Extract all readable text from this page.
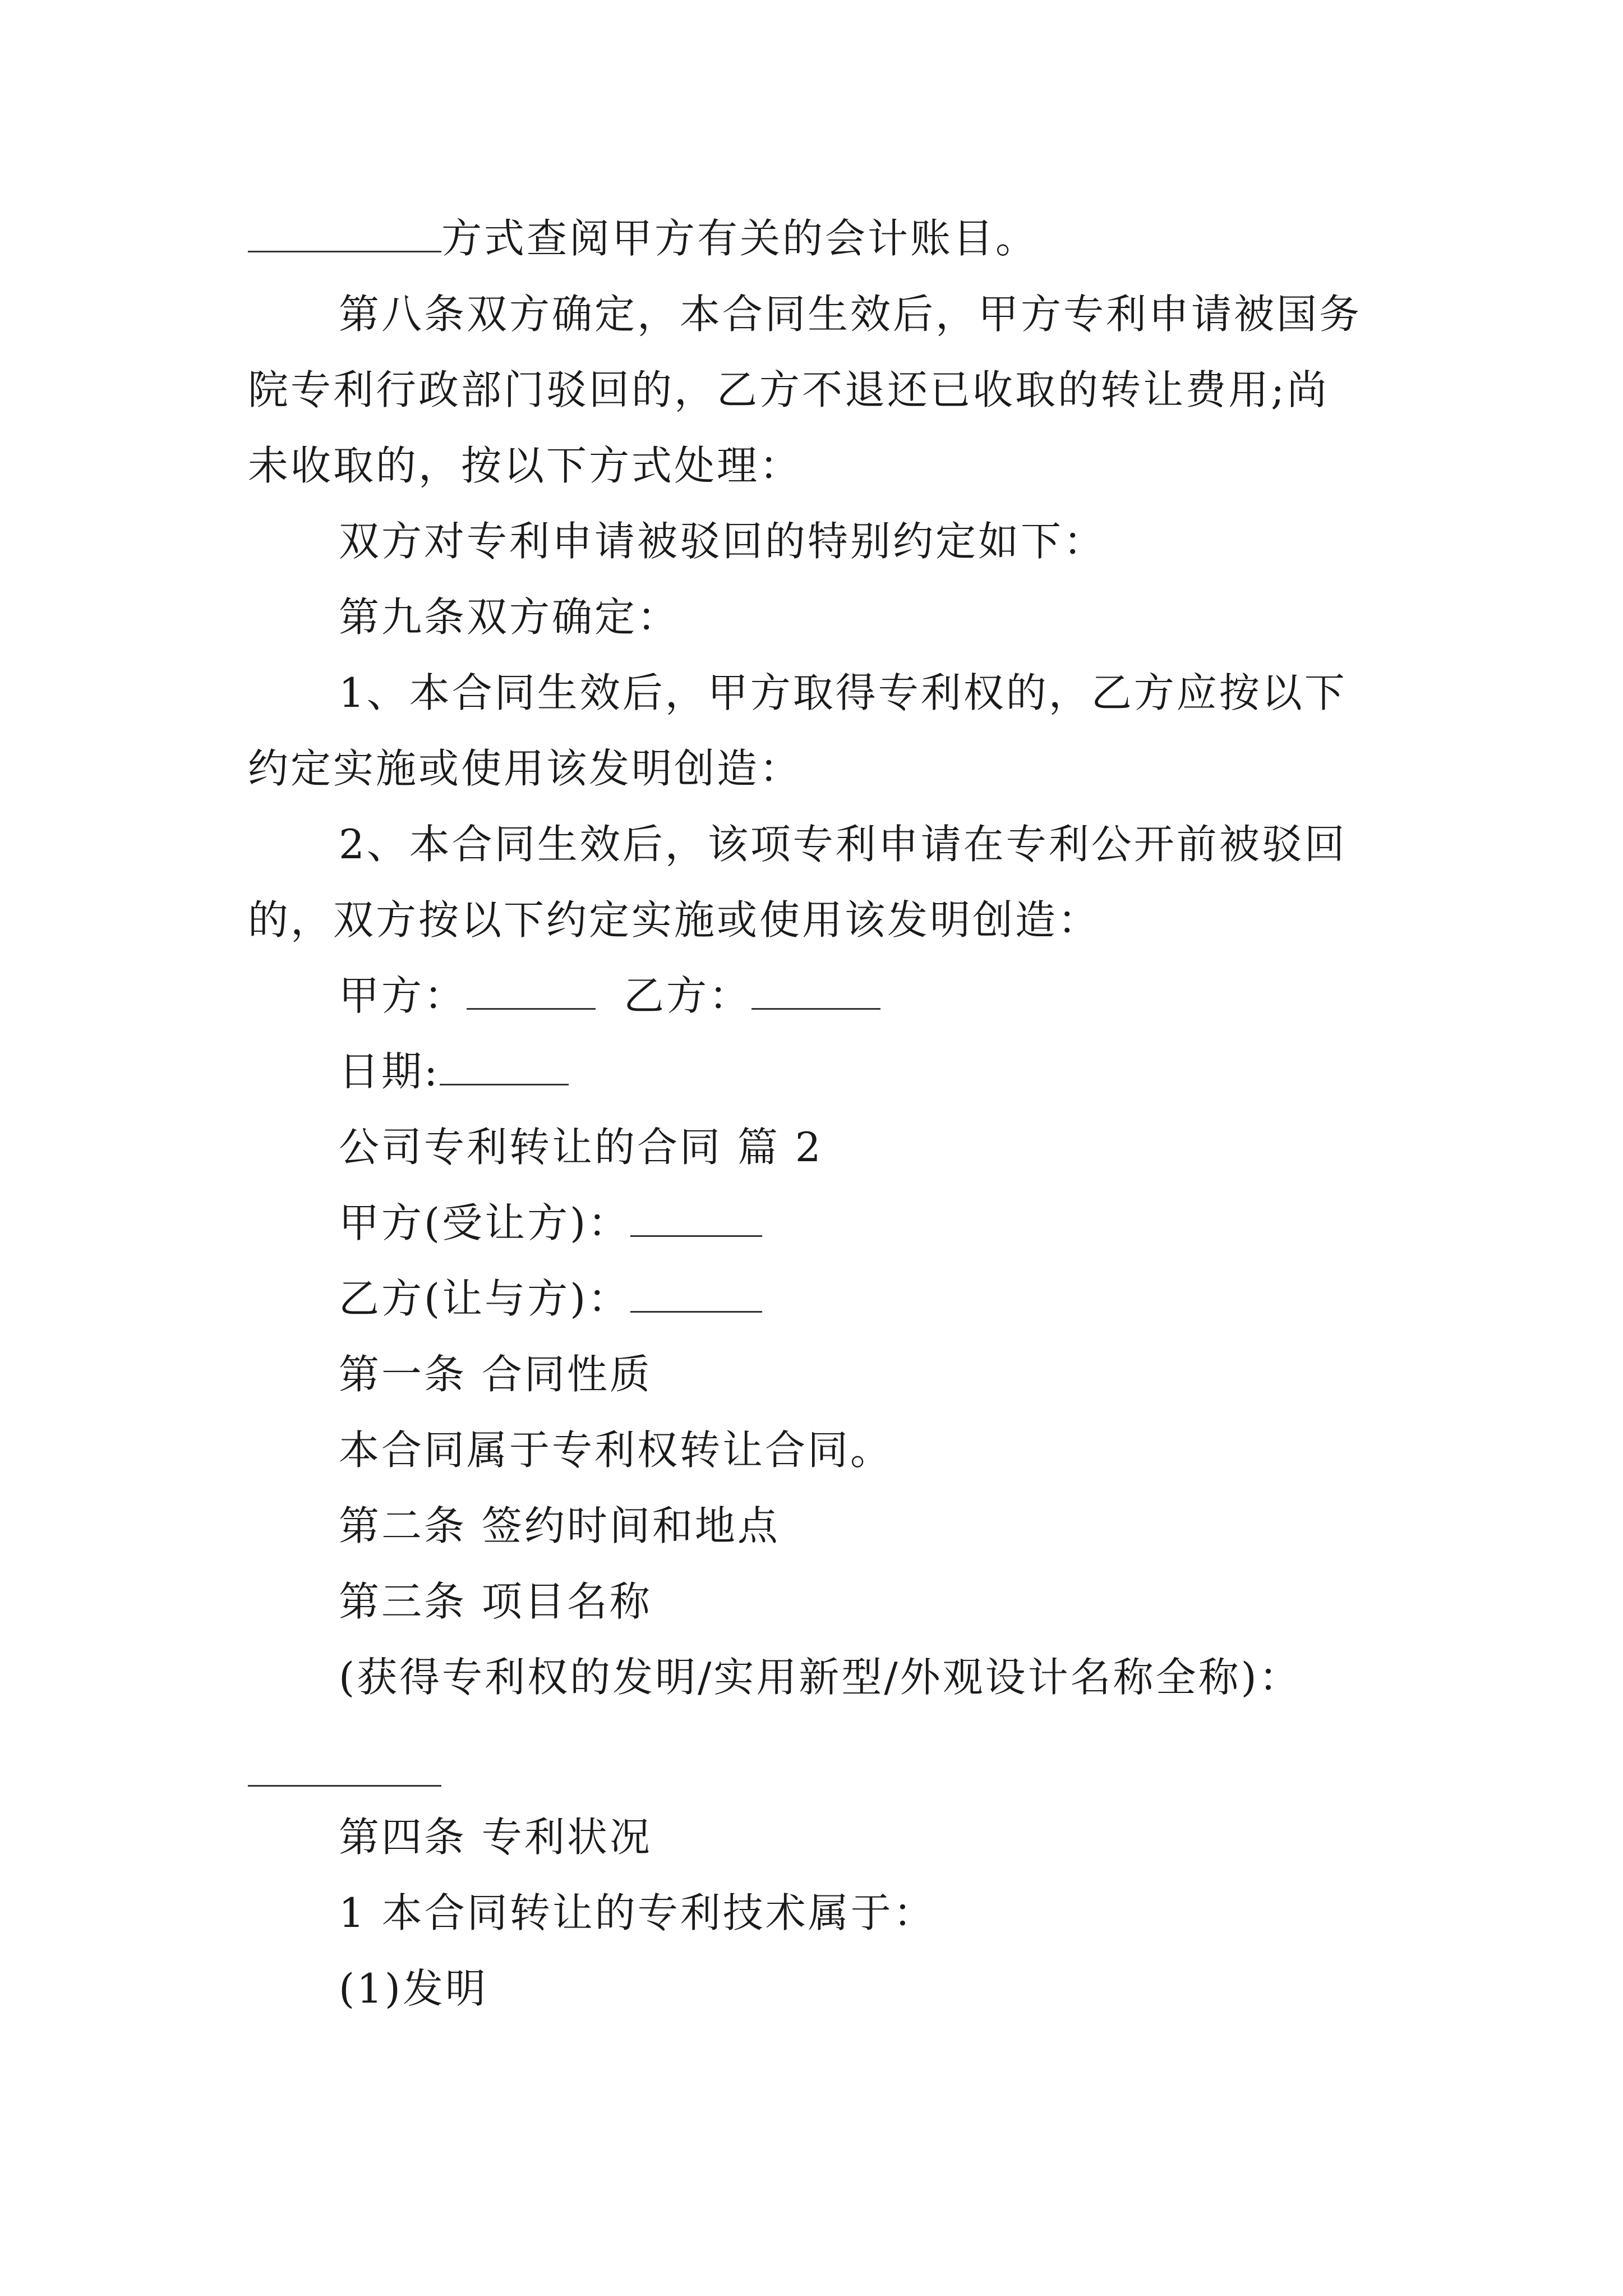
方式查阅甲方有关的会计账目。

第八条双方确定，本合同生效后，甲方专利申请被国务

院专利行政部门驳回的，乙方不退还已收取的转让费用;尚

未收取的，按以下方式处理：

双方对专利申请被驳回的特别约定如下：

第九条双方确定：

1、本合同生效后，甲方取得专利权的，乙方应按以下

约定实施或使用该发明创造：

2、本合同生效后，该项专利申请在专利公开前被驳回

的，双方按以下约定实施或使用该发明创造：

甲方：	乙方：

日期:

公司专利转让的合同 篇 2

甲方(受让方)：

乙方(让与方)：

第一条 合同性质

本合同属于专利权转让合同。

第二条 签约时间和地点

第三条 项目名称

(获得专利权的发明/实用新型/外观设计名称全称)：

第四条 专利状况

1 本合同转让的专利技术属于：

(1)发明
